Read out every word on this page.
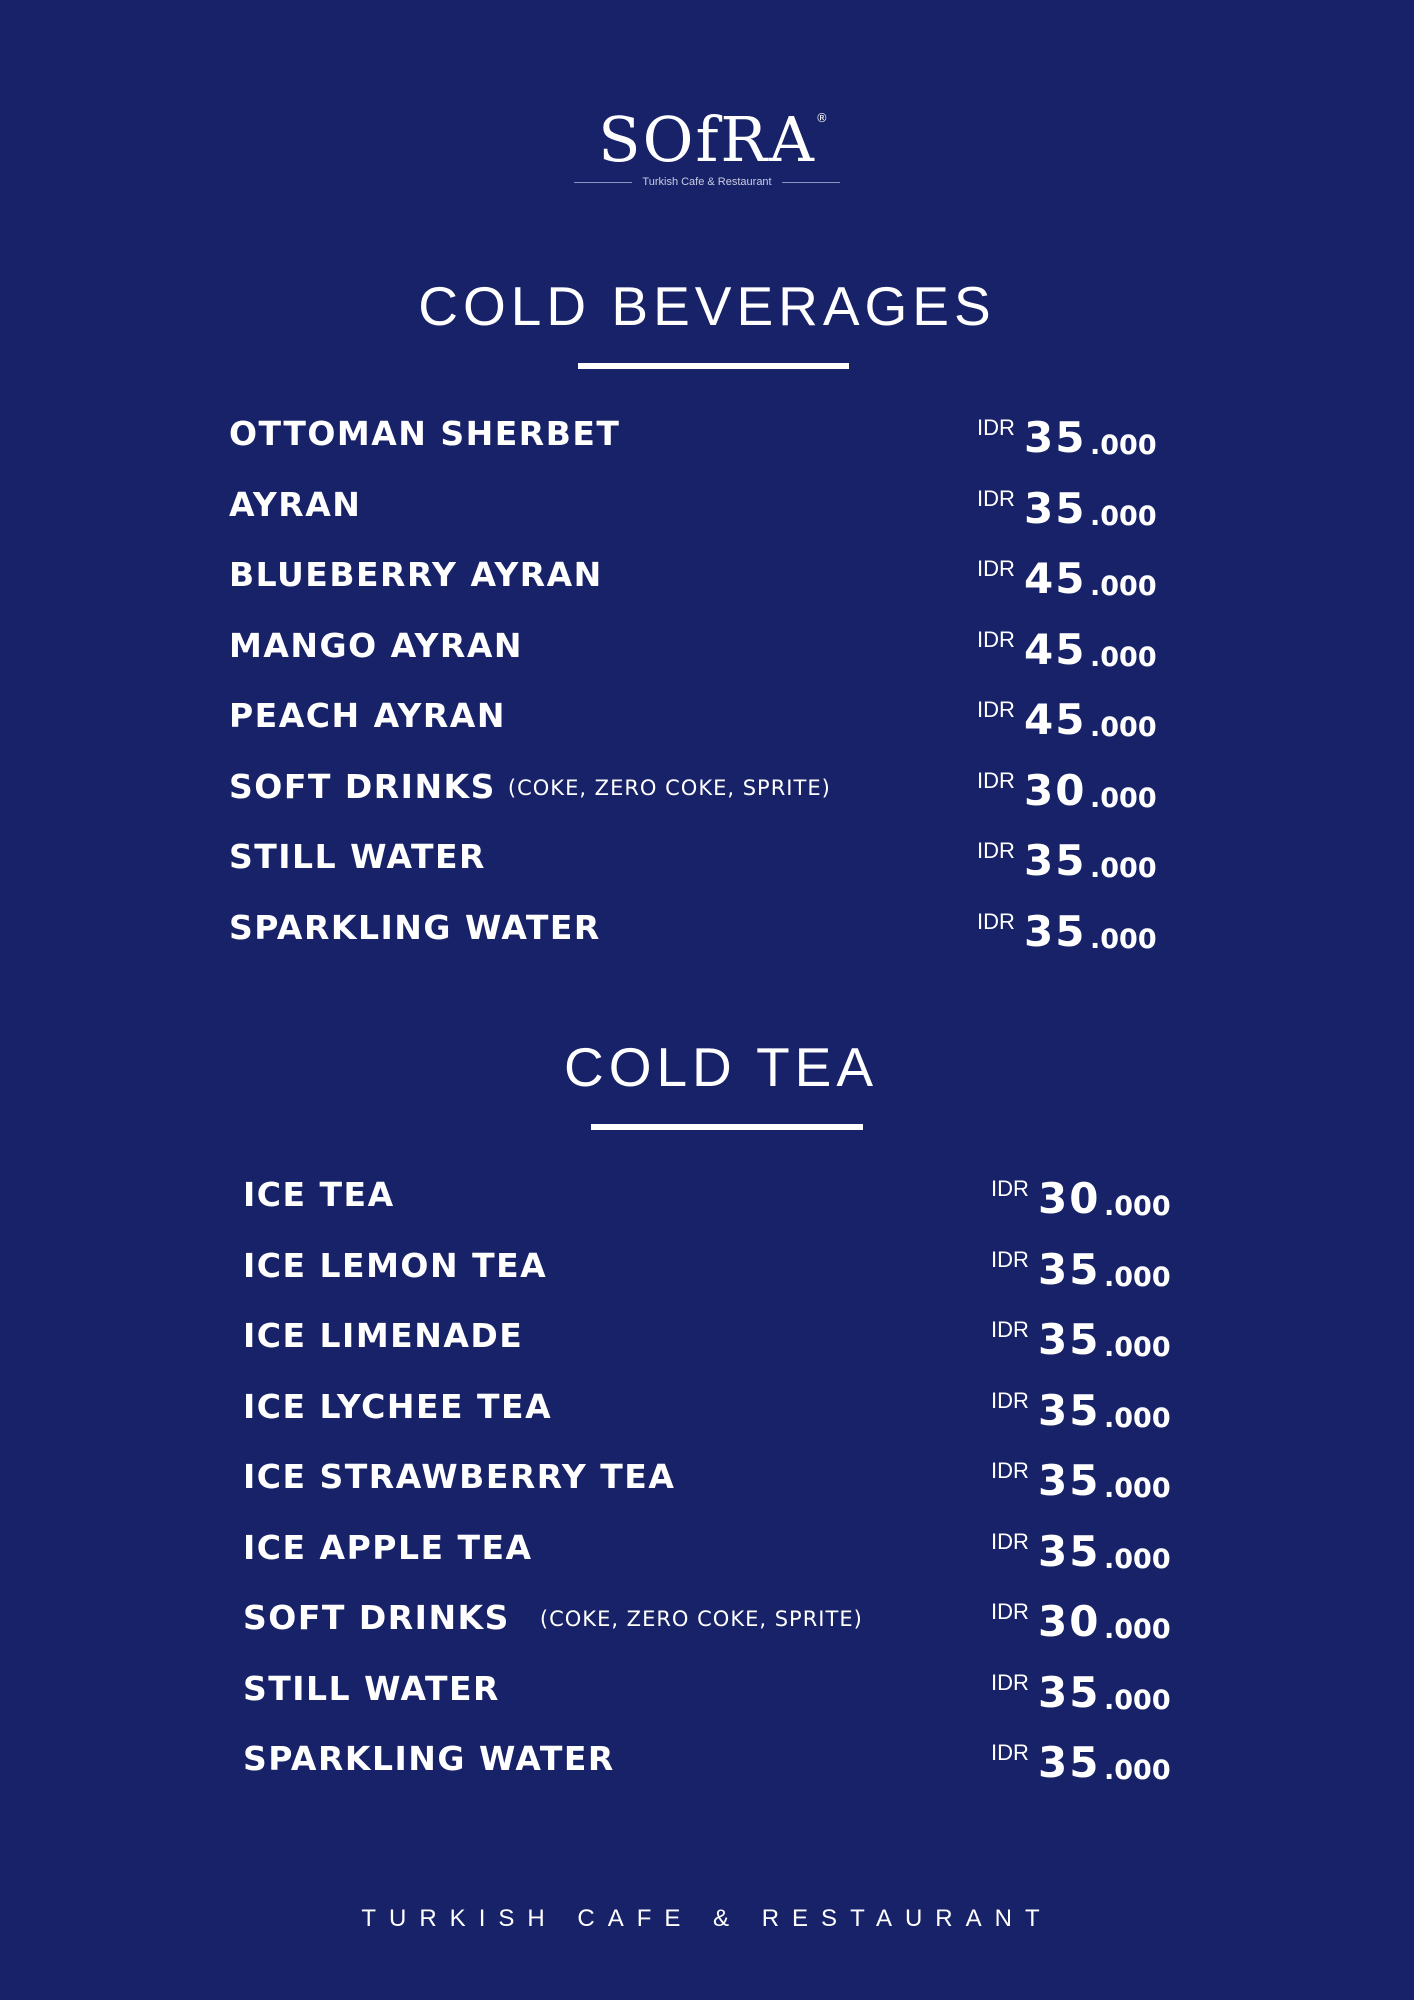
SOfRA ®
Turkish Cafe & Restaurant
COLD BEVERAGES
OTTOMAN SHERBET	IDR 35 .000
AYRAN	IDR 35 .000
BLUEBERRY AYRAN	IDR 45 .000
MANGO AYRAN	IDR 45 .000
PEACH AYRAN	IDR 45 .000
SOFT DRINKS (COKE, ZERO COKE, SPRITE)	IDR 30 .000
STILL WATER	IDR 35 .000
SPARKLING WATER	IDR 35 .000
COLD TEA
ICE TEA	IDR 30 .000
ICE LEMON TEA	IDR 35 .000
ICE LIMENADE	IDR 35 .000
ICE LYCHEE TEA	IDR 35 .000
ICE STRAWBERRY TEA	IDR 35 .000
ICE APPLE TEA	IDR 35 .000
SOFT DRINKS (COKE, ZERO COKE, SPRITE)	IDR 30 .000
STILL WATER	IDR 35 .000
SPARKLING WATER	IDR 35 .000
TURKISH CAFE & RESTAURANT
